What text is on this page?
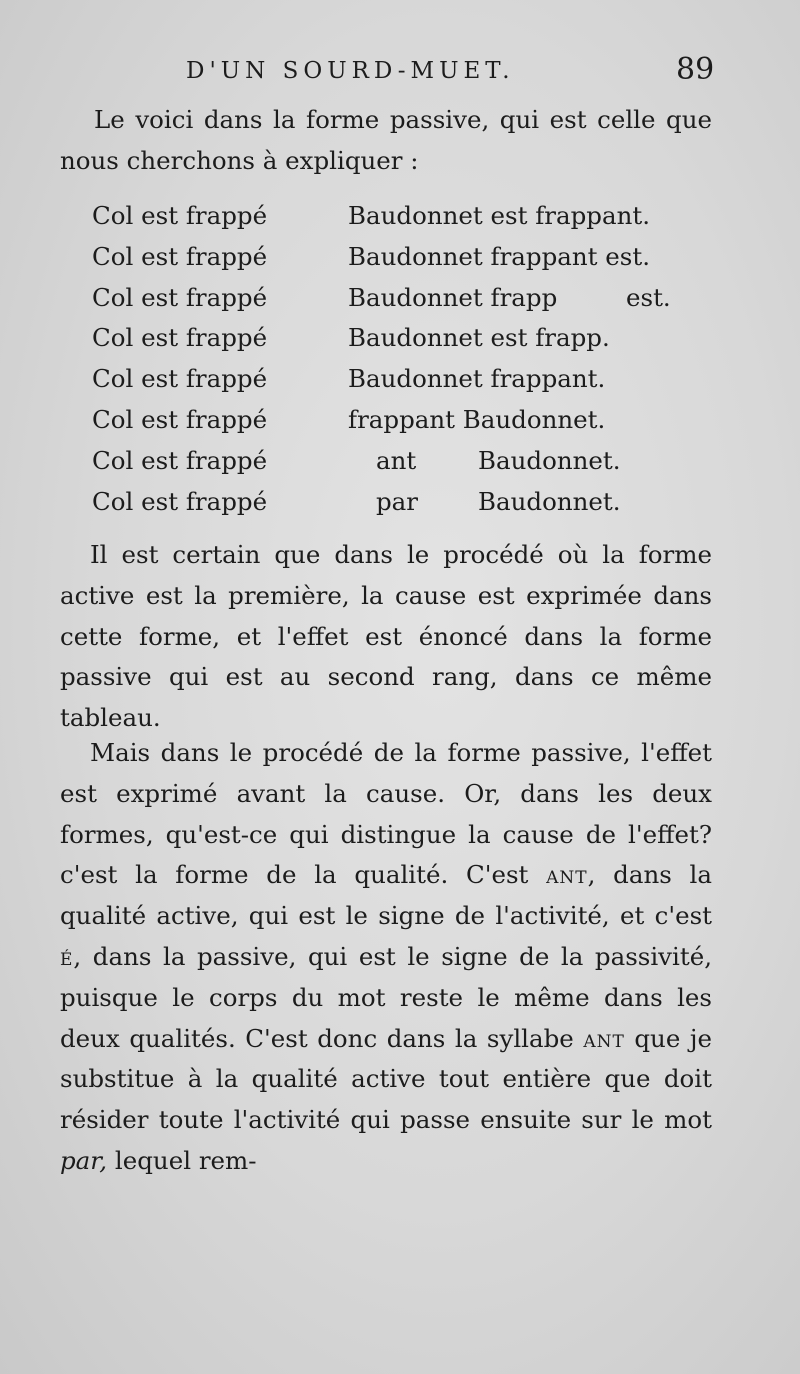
D'UN SOURD-MUET.	89

Le voici dans la forme passive, qui est celle que nous cherchons à expliquer :

Col est frappé	Baudonnet est frappant.
Col est frappé	Baudonnet frappant est.
Col est frappé	Baudonnet frapp	est.
Col est frappé	Baudonnet est frapp.
Col est frappé	Baudonnet frappant.
Col est frappé	frappant Baudonnet.
Col est frappé	ant	Baudonnet.
Col est frappé	par Baudonnet.

Il est certain que dans le procédé où la forme active est la première, la cause est exprimée dans cette forme, et l'effet est énoncé dans la forme passive qui est au second rang, dans ce même tableau.

Mais dans le procédé de la forme passive, l'effet est exprimé avant la cause. Or, dans les deux formes, qu'est-ce qui distingue la cause de l'effet? c'est la forme de la qualité. C'est ant, dans la qualité active, qui est le signe de l'activité, et c'est é, dans la passive, qui est le signe de la passivité, puisque le corps du mot reste le même dans les deux qualités. C'est donc dans la syllabe ant que je substitue à la qualité active tout entière que doit résider toute l'activité qui passe ensuite sur le mot par, lequel rem-
